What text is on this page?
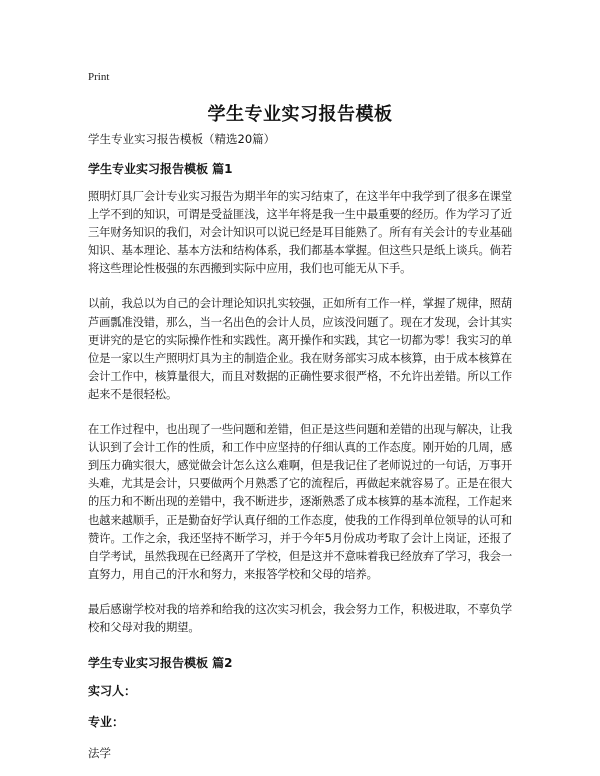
Print
学生专业实习报告模板
学生专业实习报告模板（精选20篇）
学生专业实习报告模板 篇1

照明灯具厂会计专业实习报告为期半年的实习结束了，在这半年中我学到了很多在课堂上学不到的知识，可谓是受益匪浅，这半年将是我一生中最重要的经历。作为学习了近三年财务知识的我们，对会计知识可以说已经是耳目能熟了。所有有关会计的专业基础知识、基本理论、基本方法和结构体系，我们都基本掌握。但这些只是纸上谈兵。倘若将这些理论性极强的东西搬到实际中应用，我们也可能无从下手。

以前，我总以为自己的会计理论知识扎实较强，正如所有工作一样，掌握了规律，照葫芦画瓢准没错，那么，当一名出色的会计人员，应该没问题了。现在才发现，会计其实更讲究的是它的实际操作性和实践性。离开操作和实践，其它一切都为零！我实习的单位是一家以生产照明灯具为主的制造企业。我在财务部实习成本核算，由于成本核算在会计工作中，核算量很大，而且对数据的正确性要求很严格，不允许出差错。所以工作起来不是很轻松。

在工作过程中，也出现了一些问题和差错，但正是这些问题和差错的出现与解决，让我认识到了会计工作的性质，和工作中应坚持的仔细认真的工作态度。刚开始的几周，感到压力确实很大，感觉做会计怎么这么难啊，但是我记住了老师说过的一句话，万事开头难，尤其是会计，只要做两个月熟悉了它的流程后，再做起来就容易了。正是在很大的压力和不断出现的差错中，我不断进步，逐渐熟悉了成本核算的基本流程，工作起来也越来越顺手，正是勤奋好学认真仔细的工作态度，使我的工作得到单位领导的认可和赞许。工作之余，我还坚持不断学习，并于今年5月份成功考取了会计上岗证，还报了自学考试，虽然我现在已经离开了学校，但是这并不意味着我已经放弃了学习，我会一直努力，用自己的汗水和努力，来报答学校和父母的培养。

最后感谢学校对我的培养和给我的这次实习机会，我会努力工作，积极进取，不辜负学校和父母对我的期望。

学生专业实习报告模板 篇2
实习人：
专业：
法学
